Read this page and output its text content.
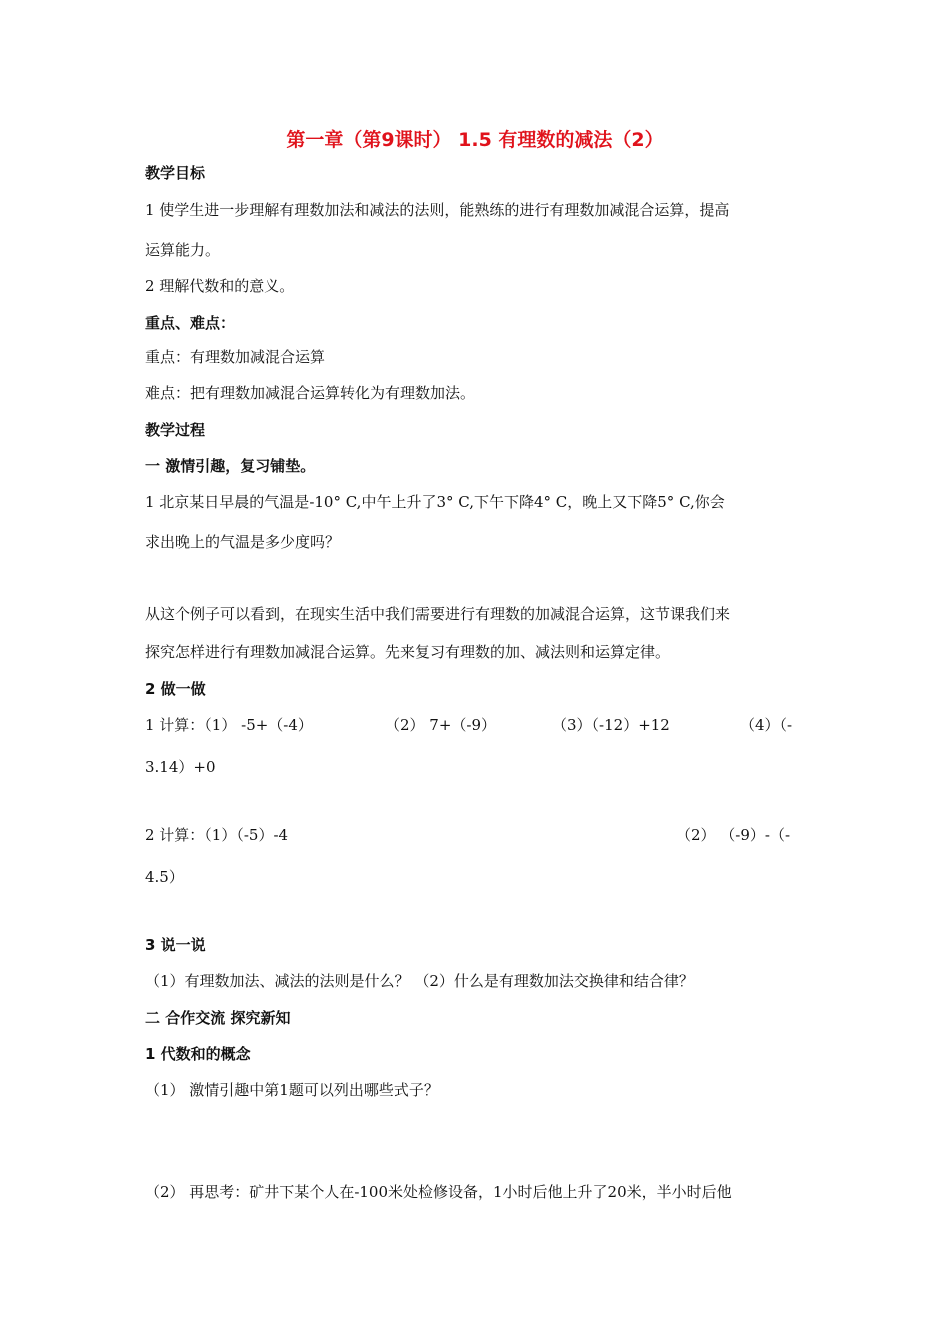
第一章（第9课时） 1.5 有理数的减法（2）
教学目标
1 使学生进一步理解有理数加法和减法的法则，能熟练的进行有理数加减混合运算，提高
运算能力。
2 理解代数和的意义。
重点、难点：
重点：有理数加减混合运算
难点：把有理数加减混合运算转化为有理数加法。
教学过程
一 激情引趣，复习铺垫。
1 北京某日早晨的气温是-10° C,中午上升了3° C,下午下降4° C，晚上又下降5° C,你会
求出晚上的气温是多少度吗？
从这个例子可以看到，在现实生活中我们需要进行有理数的加减混合运算，这节课我们来
探究怎样进行有理数加减混合运算。先来复习有理数的加、减法则和运算定律。
2 做一做
1 计算：（1） -5+（-4）	（2） 7+（-9）	（3）（-12）+12	（4）（-
3.14）+0
2 计算：（1）（-5）-4	（2） （-9）-（-
4.5）
3 说一说
（1）有理数加法、减法的法则是什么？ （2）什么是有理数加法交换律和结合律？
二 合作交流 探究新知
1 代数和的概念
（1） 激情引趣中第1题可以列出哪些式子？
（2） 再思考：矿井下某个人在-100米处检修设备，1小时后他上升了20米，半小时后他
